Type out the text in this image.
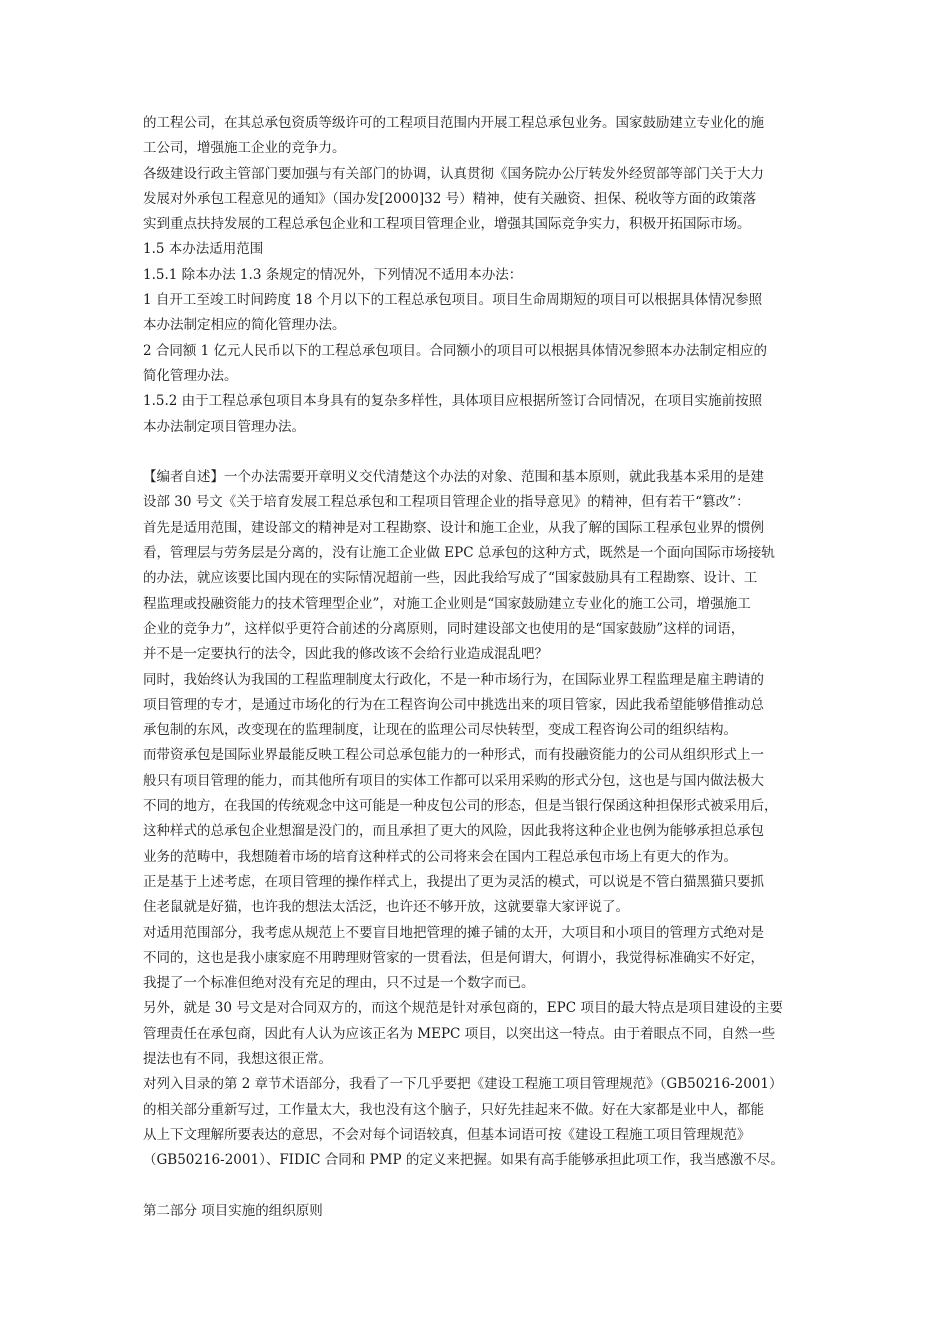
的工程公司，在其总承包资质等级许可的工程项目范围内开展工程总承包业务。国家鼓励建立专业化的施
工公司，增强施工企业的竞争力。
各级建设行政主管部门要加强与有关部门的协调，认真贯彻《国务院办公厅转发外经贸部等部门关于大力
发展对外承包工程意见的通知》（国办发[2000]32 号）精神，使有关融资、担保、税收等方面的政策落
实到重点扶持发展的工程总承包企业和工程项目管理企业，增强其国际竞争实力，积极开拓国际市场。
1.5 本办法适用范围
1.5.1 除本办法 1.3 条规定的情况外，下列情况不适用本办法：
1 自开工至竣工时间跨度 18 个月以下的工程总承包项目。项目生命周期短的项目可以根据具体情况参照
本办法制定相应的简化管理办法。
2 合同额 1 亿元人民币以下的工程总承包项目。合同额小的项目可以根据具体情况参照本办法制定相应的
简化管理办法。
1.5.2 由于工程总承包项目本身具有的复杂多样性，具体项目应根据所签订合同情况，在项目实施前按照
本办法制定项目管理办法。
【编者自述】一个办法需要开章明义交代清楚这个办法的对象、范围和基本原则，就此我基本采用的是建
设部 30 号文《关于培育发展工程总承包和工程项目管理企业的指导意见》的精神，但有若干“篡改”：
首先是适用范围，建设部文的精神是对工程勘察、设计和施工企业，从我了解的国际工程承包业界的惯例
看，管理层与劳务层是分离的，没有让施工企业做 EPC 总承包的这种方式，既然是一个面向国际市场接轨
的办法，就应该要比国内现在的实际情况超前一些，因此我给写成了“国家鼓励具有工程勘察、设计、工
程监理或投融资能力的技术管理型企业”，对施工企业则是“国家鼓励建立专业化的施工公司，增强施工
企业的竞争力”，这样似乎更符合前述的分离原则，同时建设部文也使用的是“国家鼓励”这样的词语，
并不是一定要执行的法令，因此我的修改该不会给行业造成混乱吧？
同时，我始终认为我国的工程监理制度太行政化，不是一种市场行为，在国际业界工程监理是雇主聘请的
项目管理的专才，是通过市场化的行为在工程咨询公司中挑选出来的项目管家，因此我希望能够借推动总
承包制的东风，改变现在的监理制度，让现在的监理公司尽快转型，变成工程咨询公司的组织结构。
而带资承包是国际业界最能反映工程公司总承包能力的一种形式，而有投融资能力的公司从组织形式上一
般只有项目管理的能力，而其他所有项目的实体工作都可以采用采购的形式分包，这也是与国内做法极大
不同的地方，在我国的传统观念中这可能是一种皮包公司的形态，但是当银行保函这种担保形式被采用后，
这种样式的总承包企业想溜是没门的，而且承担了更大的风险，因此我将这种企业也例为能够承担总承包
业务的范畴中，我想随着市场的培育这种样式的公司将来会在国内工程总承包市场上有更大的作为。
正是基于上述考虑，在项目管理的操作样式上，我提出了更为灵活的模式，可以说是不管白猫黑猫只要抓
住老鼠就是好猫，也许我的想法太活泛，也许还不够开放，这就要靠大家评说了。
对适用范围部分，我考虑从规范上不要盲目地把管理的摊子铺的太开，大项目和小项目的管理方式绝对是
不同的，这也是我小康家庭不用聘理财管家的一贯看法，但是何谓大，何谓小，我觉得标准确实不好定，
我提了一个标准但绝对没有充足的理由，只不过是一个数字而已。
另外，就是 30 号文是对合同双方的，而这个规范是针对承包商的，EPC 项目的最大特点是项目建设的主要
管理责任在承包商，因此有人认为应该正名为 MEPC 项目，以突出这一特点。由于着眼点不同，自然一些
提法也有不同，我想这很正常。
对列入目录的第 2 章节术语部分，我看了一下几乎要把《建设工程施工项目管理规范》（GB50216-2001）
的相关部分重新写过，工作量太大，我也没有这个脑子，只好先挂起来不做。好在大家都是业中人，都能
从上下文理解所要表达的意思，不会对每个词语较真，但基本词语可按《建设工程施工项目管理规范》
（GB50216-2001）、FIDIC 合同和 PMP 的定义来把握。如果有高手能够承担此项工作，我当感激不尽。
第二部分 项目实施的组织原则
